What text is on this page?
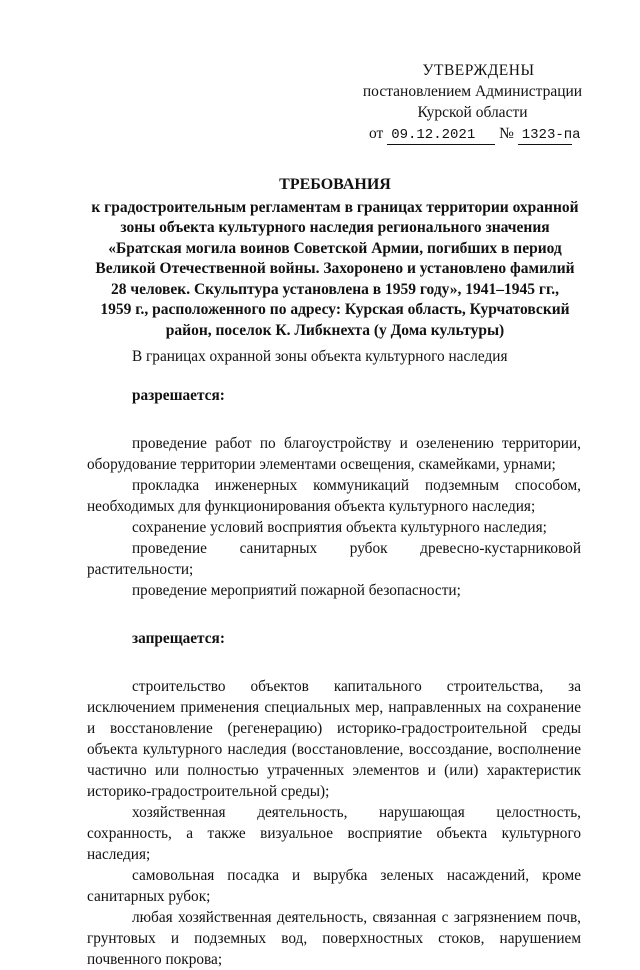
УТВЕРЖДЕНЫ
постановлением Администрации
Курской области
от 09.12.2021 № 1323-па
ТРЕБОВАНИЯ
к градостроительным регламентам в границах территории охранной
зоны объекта культурного наследия регионального значения
«Братская могила воинов Советской Армии, погибших в период
Великой Отечественной войны. Захоронено и установлено фамилий
28 человек. Скульптура установлена в 1959 году», 1941–1945 гг.,
1959 г., расположенного по адресу: Курская область, Курчатовский
район, поселок К. Либкнехта (у Дома культуры)

В границах охранной зоны объекта культурного наследия

разрешается:

проведение работ по благоустройству и озеленению территории, оборудование территории элементами освещения, скамейками, урнами;

прокладка инженерных коммуникаций подземным способом, необходимых для функционирования объекта культурного наследия;

сохранение условий восприятия объекта культурного наследия;

проведение санитарных рубок древесно-кустарниковой растительности;

проведение мероприятий пожарной безопасности;

запрещается:

строительство объектов капитального строительства, за исключением применения специальных мер, направленных на сохранение и восстановление (регенерацию) историко-градостроительной среды объекта культурного наследия (восстановление, воссоздание, восполнение частично или полностью утраченных элементов и (или) характеристик историко-градостроительной среды);

хозяйственная деятельность, нарушающая целостность, сохранность, а также визуальное восприятие объекта культурного наследия;

самовольная посадка и вырубка зеленых насаждений, кроме санитарных рубок;

любая хозяйственная деятельность, связанная с загрязнением почв, грунтовых и подземных вод, поверхностных стоков, нарушением почвенного покрова;
